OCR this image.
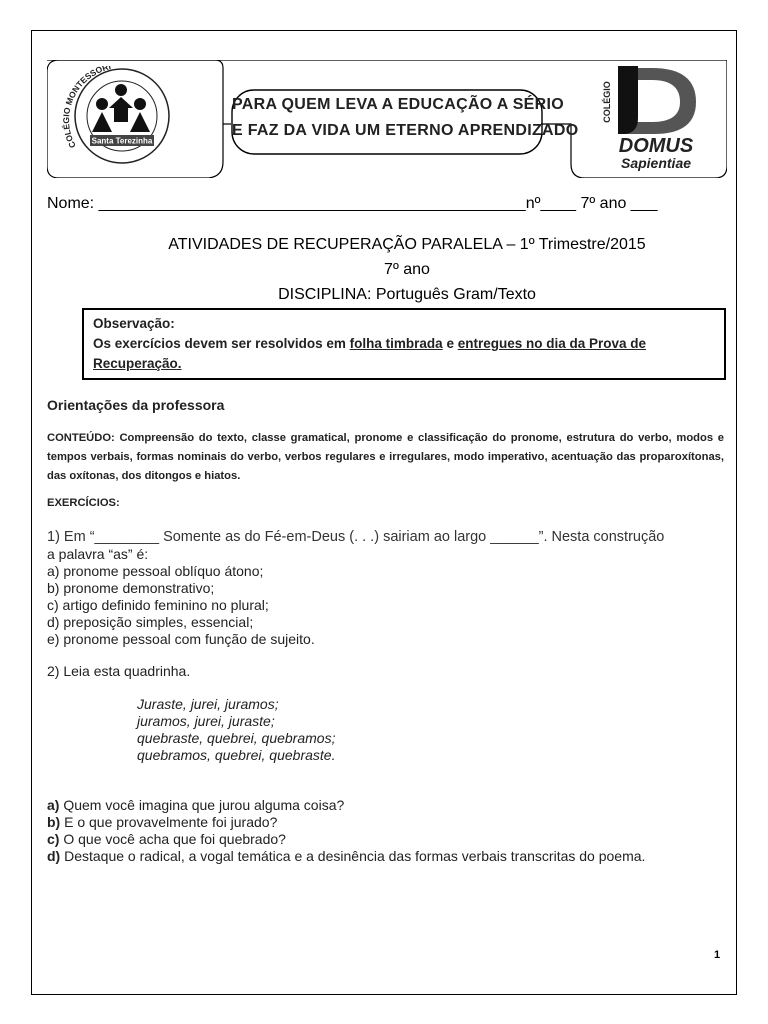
COLÉGIO MONTESSORI
Santa Terezinha
PARA QUEM LEVA A EDUCAÇÃO A SÉRIO
E FAZ DA VIDA UM ETERNO APRENDIZADO
COLÉGIO
DOMUS
Sapientiae
Nome: ________________________________________________nº____ 7º ano ___
ATIVIDADES DE RECUPERAÇÃO PARALELA – 1º Trimestre/2015
7º ano
DISCIPLINA: Português Gram/Texto
Observação:
Os exercícios devem ser resolvidos em folha timbrada e entregues no dia da Prova de
Recuperação.
Orientações da professora
CONTEÚDO: Compreensão do texto, classe gramatical, pronome e classificação do pronome, estrutura do verbo, modos e tempos verbais, formas nominais do verbo, verbos regulares e irregulares, modo imperativo, acentuação das proparoxítonas, das oxítonas, dos ditongos e hiatos.
EXERCÍCIOS:
1) Em “________ Somente as do Fé-em-Deus (. . .) sairiam ao largo ______”. Nesta construção
a palavra “as” é:
a) pronome pessoal oblíquo átono;
b) pronome demonstrativo;
c) artigo definido feminino no plural;
d) preposição simples, essencial;
e) pronome pessoal com função de sujeito.
2) Leia esta quadrinha.
Juraste, jurei, juramos;
juramos, jurei, juraste;
quebraste, quebrei, quebramos;
quebramos, quebrei, quebraste.
a) Quem você imagina que jurou alguma coisa?
b) E o que provavelmente foi jurado?
c) O que você acha que foi quebrado?
d) Destaque o radical, a vogal temática e a desinência das formas verbais transcritas do poema.
1
